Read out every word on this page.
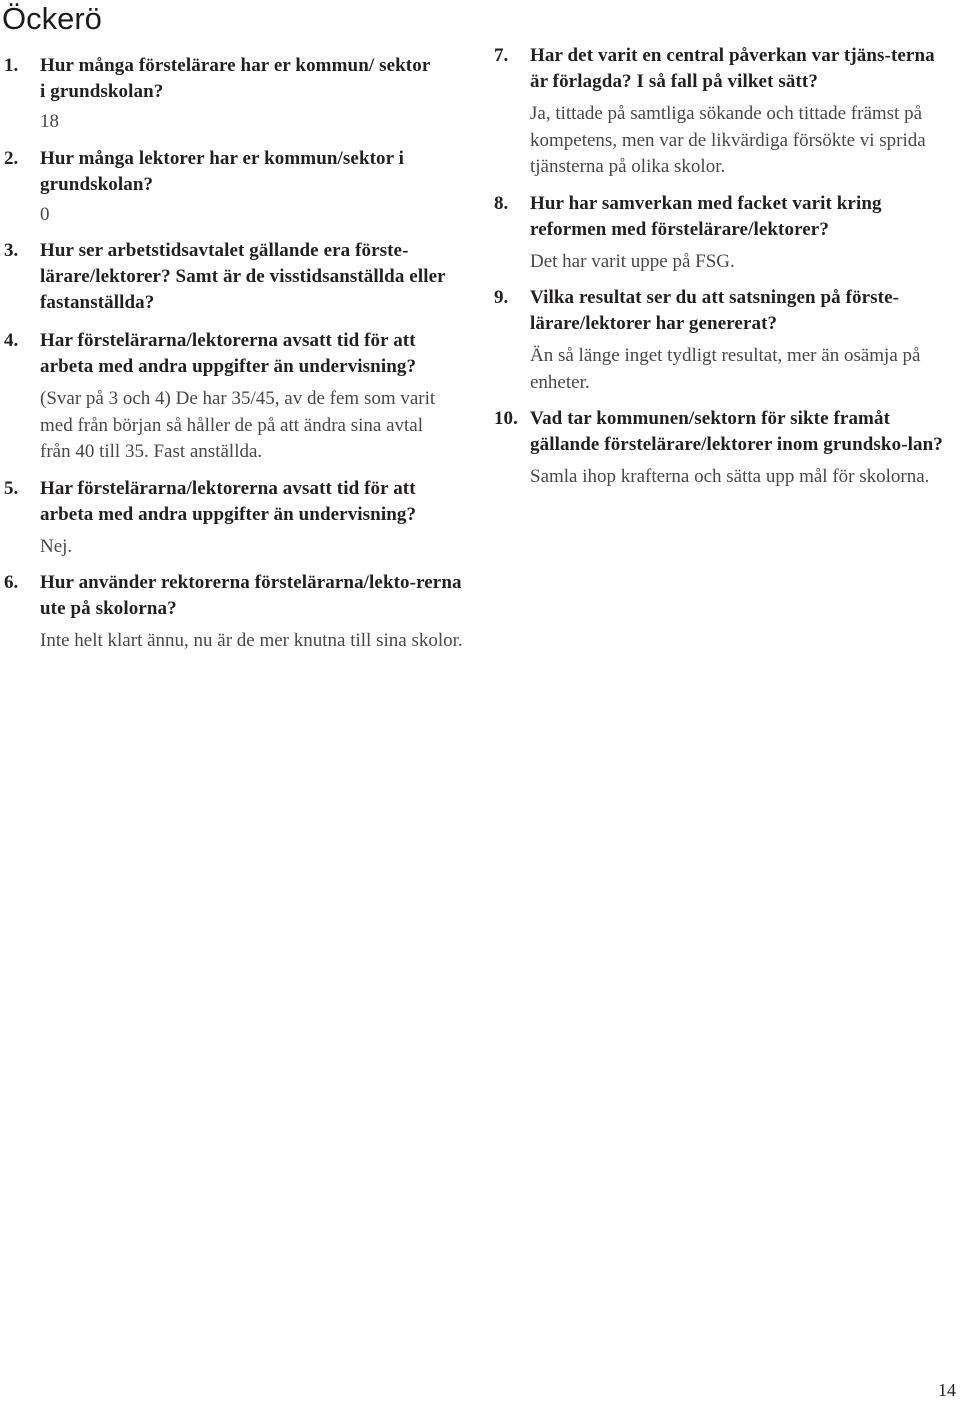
Öckerö
1. Hur många förstelärare har er kommun/ sektor i grundskolan?
18
2. Hur många lektorer har er kommun/sektor i grundskolan?
0
3. Hur ser arbetstidsavtalet gällande era förste-lärare/lektorer? Samt är de visstidsanställda eller fastanställda?
4. Har förstelärarna/lektorerna avsatt tid för att arbeta med andra uppgifter än undervisning?
(Svar på 3 och 4) De har 35/45, av de fem som varit med från början så håller de på att ändra sina avtal från 40 till 35. Fast anställda.
5. Har förstelärarna/lektorerna avsatt tid för att arbeta med andra uppgifter än undervisning?
Nej.
6. Hur använder rektorerna förstelärarna/lekto-rerna ute på skolorna?
Inte helt klart ännu, nu är de mer knutna till sina skolor.
7. Har det varit en central påverkan var tjäns-terna är förlagda? I så fall på vilket sätt?
Ja, tittade på samtliga sökande och tittade främst på kompetens, men var de likvärdiga försökte vi sprida tjänsterna på olika skolor.
8. Hur har samverkan med facket varit kring reformen med förstelärare/lektorer?
Det har varit uppe på FSG.
9. Vilka resultat ser du att satsningen på förste-lärare/lektorer har genererat?
Än så länge inget tydligt resultat, mer än osämja på enheter.
10. Vad tar kommunen/sektorn för sikte framåt gällande förstelärare/lektorer inom grundsko-lan?
Samla ihop krafterna och sätta upp mål för skolorna.
14
